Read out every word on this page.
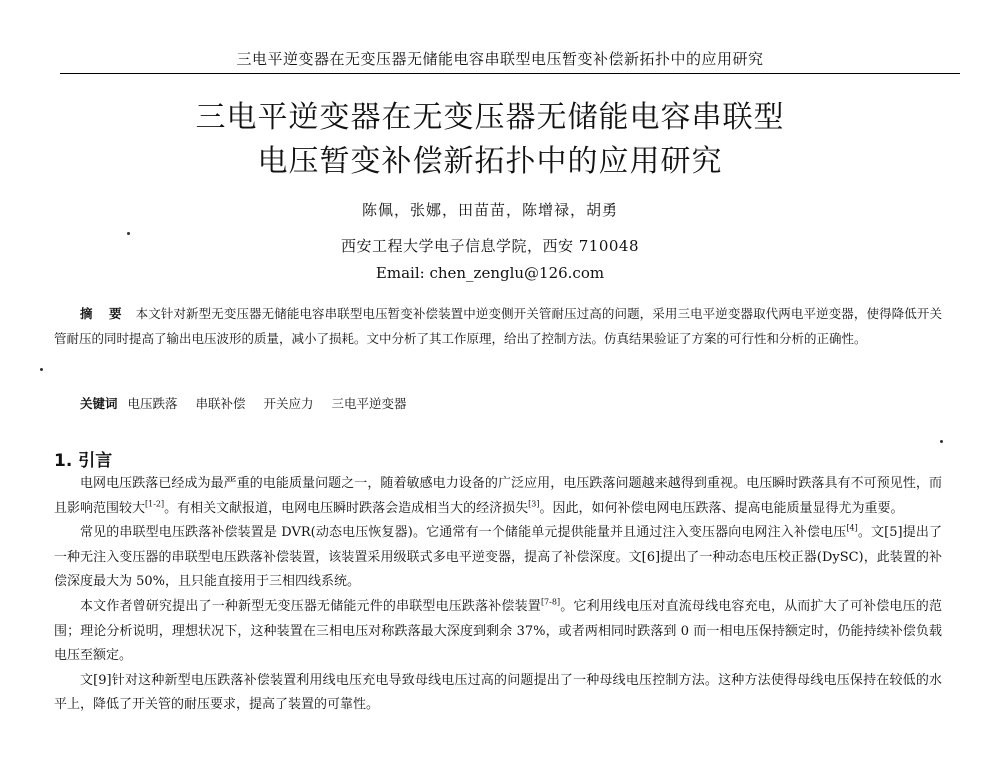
三电平逆变器在无变压器无储能电容串联型电压暂变补偿新拓扑中的应用研究
三电平逆变器在无变压器无储能电容串联型
电压暂变补偿新拓扑中的应用研究
陈佩，张娜，田苗苗，陈增禄，胡勇
西安工程大学电子信息学院，西安 710048
Email: chen_zenglu@126.com
摘 要 本文针对新型无变压器无储能电容串联型电压暂变补偿装置中逆变侧开关管耐压过高的问题，采用三电平逆变器取代两电平逆变器，使得降低开关管耐压的同时提高了输出电压波形的质量，减小了损耗。文中分析了其工作原理，给出了控制方法。仿真结果验证了方案的可行性和分析的正确性。
关键词 电压跌落 串联补偿 开关应力 三电平逆变器
1. 引言

电网电压跌落已经成为最严重的电能质量问题之一，随着敏感电力设备的广泛应用，电压跌落问题越来越得到重视。电压瞬时跌落具有不可预见性，而且影响范围较大[1-2]。有相关文献报道，电网电压瞬时跌落会造成相当大的经济损失[3]。因此，如何补偿电网电压跌落、提高电能质量显得尤为重要。

常见的串联型电压跌落补偿装置是 DVR(动态电压恢复器)。它通常有一个储能单元提供能量并且通过注入变压器向电网注入补偿电压[4]。文[5]提出了一种无注入变压器的串联型电压跌落补偿装置，该装置采用级联式多电平逆变器，提高了补偿深度。文[6]提出了一种动态电压校正器(DySC)，此装置的补偿深度最大为 50%，且只能直接用于三相四线系统。

本文作者曾研究提出了一种新型无变压器无储能元件的串联型电压跌落补偿装置[7-8]。它利用线电压对直流母线电容充电，从而扩大了可补偿电压的范围；理论分析说明，理想状况下，这种装置在三相电压对称跌落最大深度到剩余 37%，或者两相同时跌落到 0 而一相电压保持额定时，仍能持续补偿负载电压至额定。

文[9]针对这种新型电压跌落补偿装置利用线电压充电导致母线电压过高的问题提出了一种母线电压控制方法。这种方法使得母线电压保持在较低的水平上，降低了开关管的耐压要求，提高了装置的可靠性。
